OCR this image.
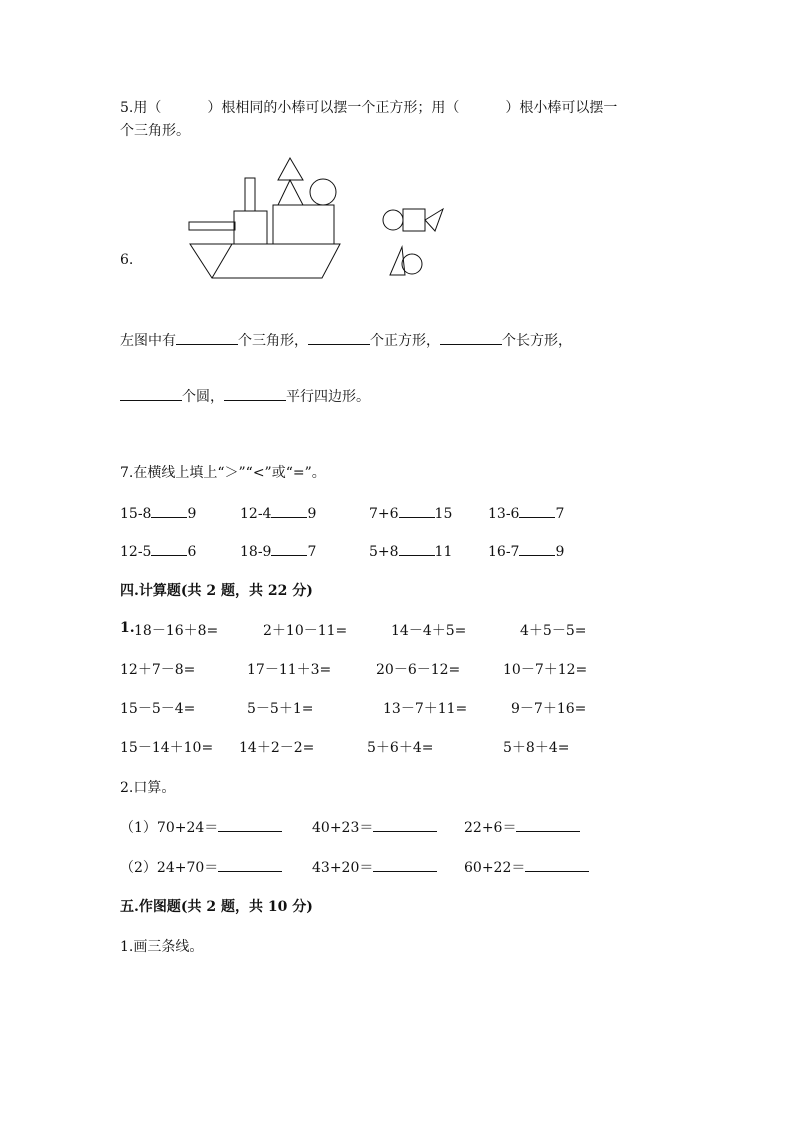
5.用（	）根相同的小棒可以摆一个正方形；用（	）根小棒可以摆一
个三角形。
6.
左图中有	个三角形，	个正方形，	个长方形，
个圆，	平行四边形。
7.在横线上填上“＞”“<”或“=”。
15-8	9	12-4	9	7+6	15	13-6	7
12-5	6	18-9	7	5+8	11	16-7	9
四.计算题(共 2 题，共 22 分)
1. 18－16＋8=	2＋10－11=	14－4＋5=	4＋5－5=
12＋7－8=	17－11＋3=	20－6－12=	10－7＋12=
15－5－4=	5－5＋1=	13－7＋11=	9－7＋16=
15－14＋10= 14＋2－2=	5＋6＋4=	5＋8＋4=
2.口算。
（1）70+24＝	40+23＝	22+6＝
（2）24+70＝	43+20＝	60+22＝
五.作图题(共 2 题，共 10 分)
1.画三条线。
